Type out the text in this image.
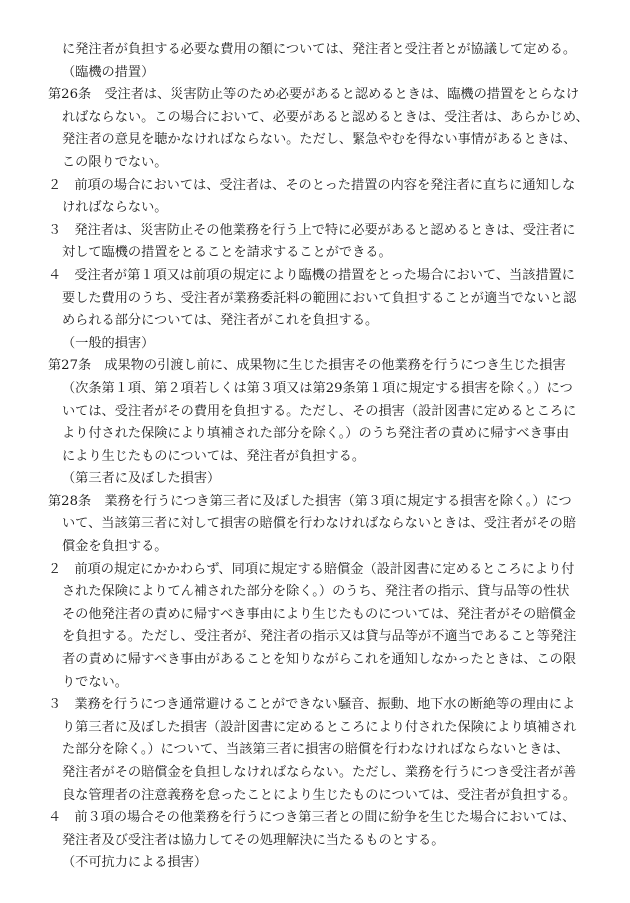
に発注者が負担する必要な費用の額については、発注者と受注者とが協議して定める。
（臨機の措置）
第26条　受注者は、災害防止等のため必要があると認めるときは、臨機の措置をとらなけ
ればならない。この場合において、必要があると認めるときは、受注者は、あらかじめ、
発注者の意見を聴かなければならない。ただし、緊急やむを得ない事情があるときは、
この限りでない。
２　前項の場合においては、受注者は、そのとった措置の内容を発注者に直ちに通知しな
ければならない。
３　発注者は、災害防止その他業務を行う上で特に必要があると認めるときは、受注者に
対して臨機の措置をとることを請求することができる。
４　受注者が第１項又は前項の規定により臨機の措置をとった場合において、当該措置に
要した費用のうち、受注者が業務委託料の範囲において負担することが適当でないと認
められる部分については、発注者がこれを負担する。
（一般的損害）
第27条　成果物の引渡し前に、成果物に生じた損害その他業務を行うにつき生じた損害
（次条第１項、第２項若しくは第３項又は第29条第１項に規定する損害を除く。）につ
いては、受注者がその費用を負担する。ただし、その損害（設計図書に定めるところに
より付された保険により填補された部分を除く。）のうち発注者の責めに帰すべき事由
により生じたものについては、発注者が負担する。
（第三者に及ぼした損害）
第28条　業務を行うにつき第三者に及ぼした損害（第３項に規定する損害を除く。）につ
いて、当該第三者に対して損害の賠償を行わなければならないときは、受注者がその賠
償金を負担する。
２　前項の規定にかかわらず、同項に規定する賠償金（設計図書に定めるところにより付
された保険によりてん補された部分を除く。）のうち、発注者の指示、貸与品等の性状
その他発注者の責めに帰すべき事由により生じたものについては、発注者がその賠償金
を負担する。ただし、受注者が、発注者の指示又は貸与品等が不適当であること等発注
者の責めに帰すべき事由があることを知りながらこれを通知しなかったときは、この限
りでない。
３　業務を行うにつき通常避けることができない騒音、振動、地下水の断絶等の理由によ
り第三者に及ぼした損害（設計図書に定めるところにより付された保険により填補され
た部分を除く。）について、当該第三者に損害の賠償を行わなければならないときは、
発注者がその賠償金を負担しなければならない。ただし、業務を行うにつき受注者が善
良な管理者の注意義務を怠ったことにより生じたものについては、受注者が負担する。
４　前３項の場合その他業務を行うにつき第三者との間に紛争を生じた場合においては、
発注者及び受注者は協力してその処理解決に当たるものとする。
（不可抗力による損害）
